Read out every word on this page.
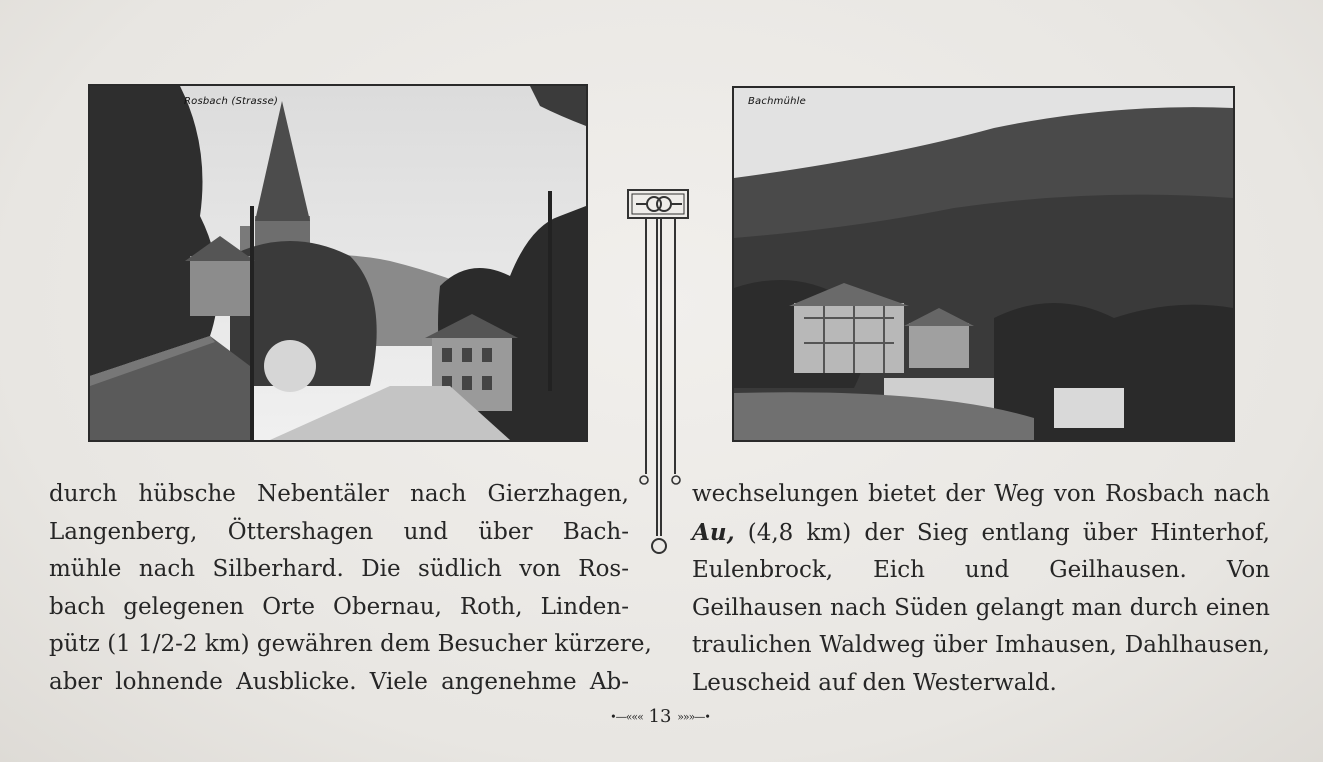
Rosbach (Strasse)	Bachmühle

durch hübsche Nebentäler nach Gierzhagen,

Langenberg, Öttershagen und über Bach-

mühle nach Silberhard. Die südlich von Ros-

bach gelegenen Orte Obernau, Roth, Linden-

pütz (1 1/2-2 km) gewähren dem Besucher kürzere,

aber lohnende Ausblicke. Viele angenehme Ab-

wechselungen bietet der Weg von Rosbach nach

Au, (4,8 km) der Sieg entlang über Hinterhof,

Eulenbrock, Eich und Geilhausen. Von

Geilhausen nach Süden gelangt man durch einen

traulichen Waldweg über Imhausen, Dahlhausen,

Leuscheid auf den Westerwald.

•—««« 13 »»»—•
